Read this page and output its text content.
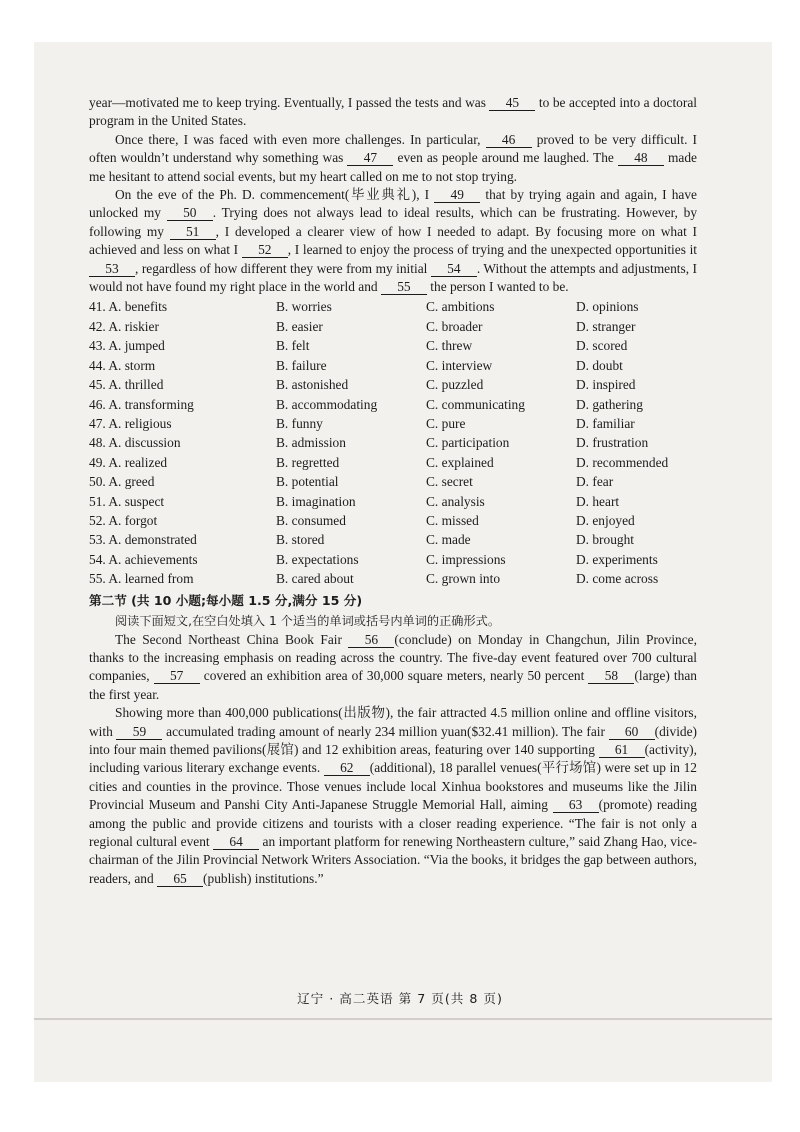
year—motivated me to keep trying. Eventually, I passed the tests and was 45 to be accepted into a doctoral program in the United States.

Once there, I was faced with even more challenges. In particular, 46 proved to be very difficult. I often wouldn’t understand why something was 47 even as people around me laughed. The 48 made me hesitant to attend social events, but my heart called on me to not stop trying.

On the eve of the Ph. D. commencement(毕业典礼), I 49 that by trying again and again, I have unlocked my 50 . Trying does not always lead to ideal results, which can be frustrating. However, by following my 51 , I developed a clearer view of how I needed to adapt. By focusing more on what I achieved and less on what I 52 , I learned to enjoy the process of trying and the unexpected opportunities it 53 , regardless of how different they were from my initial 54 . Without the attempts and adjustments, I would not have found my right place in the world and 55 the person I wanted to be.

41. A. benefits	B. worries	C. ambitions	D. opinions
42. A. riskier	B. easier	C. broader	D. stranger
43. A. jumped	B. felt	C. threw	D. scored
44. A. storm	B. failure	C. interview	D. doubt
45. A. thrilled	B. astonished	C. puzzled	D. inspired
46. A. transforming	B. accommodating	C. communicating	D. gathering
47. A. religious	B. funny	C. pure	D. familiar
48. A. discussion	B. admission	C. participation	D. frustration
49. A. realized	B. regretted	C. explained	D. recommended
50. A. greed	B. potential	C. secret	D. fear
51. A. suspect	B. imagination	C. analysis	D. heart
52. A. forgot	B. consumed	C. missed	D. enjoyed
53. A. demonstrated	B. stored	C. made	D. brought
54. A. achievements	B. expectations	C. impressions	D. experiments
55. A. learned from	B. cared about	C. grown into	D. come across
第二节 (共 10 小题;每小题 1.5 分,满分 15 分)
阅读下面短文,在空白处填入 1 个适当的单词或括号内单词的正确形式。

The Second Northeast China Book Fair 56 (conclude) on Monday in Changchun, Jilin Province, thanks to the increasing emphasis on reading across the country. The five-day event featured over 700 cultural companies, 57 covered an exhibition area of 30,000 square meters, nearly 50 percent 58 (large) than the first year.

Showing more than 400,000 publications(出版物), the fair attracted 4.5 million online and offline visitors, with 59 accumulated trading amount of nearly 234 million yuan($32.41 million). The fair 60 (divide) into four main themed pavilions(展馆) and 12 exhibition areas, featuring over 140 supporting 61 (activity), including various literary exchange events. 62 (additional), 18 parallel venues(平行场馆) were set up in 12 cities and counties in the province. Those venues include local Xinhua bookstores and museums like the Jilin Provincial Museum and Panshi City Anti-Japanese Struggle Memorial Hall, aiming 63 (promote) reading among the public and provide citizens and tourists with a closer reading experience. “The fair is not only a regional cultural event 64 an important platform for renewing Northeastern culture,” said Zhang Hao, vice-chairman of the Jilin Provincial Network Writers Association. “Via the books, it bridges the gap between authors, readers, and 65 (publish) institutions.”

辽宁 · 高二英语 第 7 页(共 8 页)
